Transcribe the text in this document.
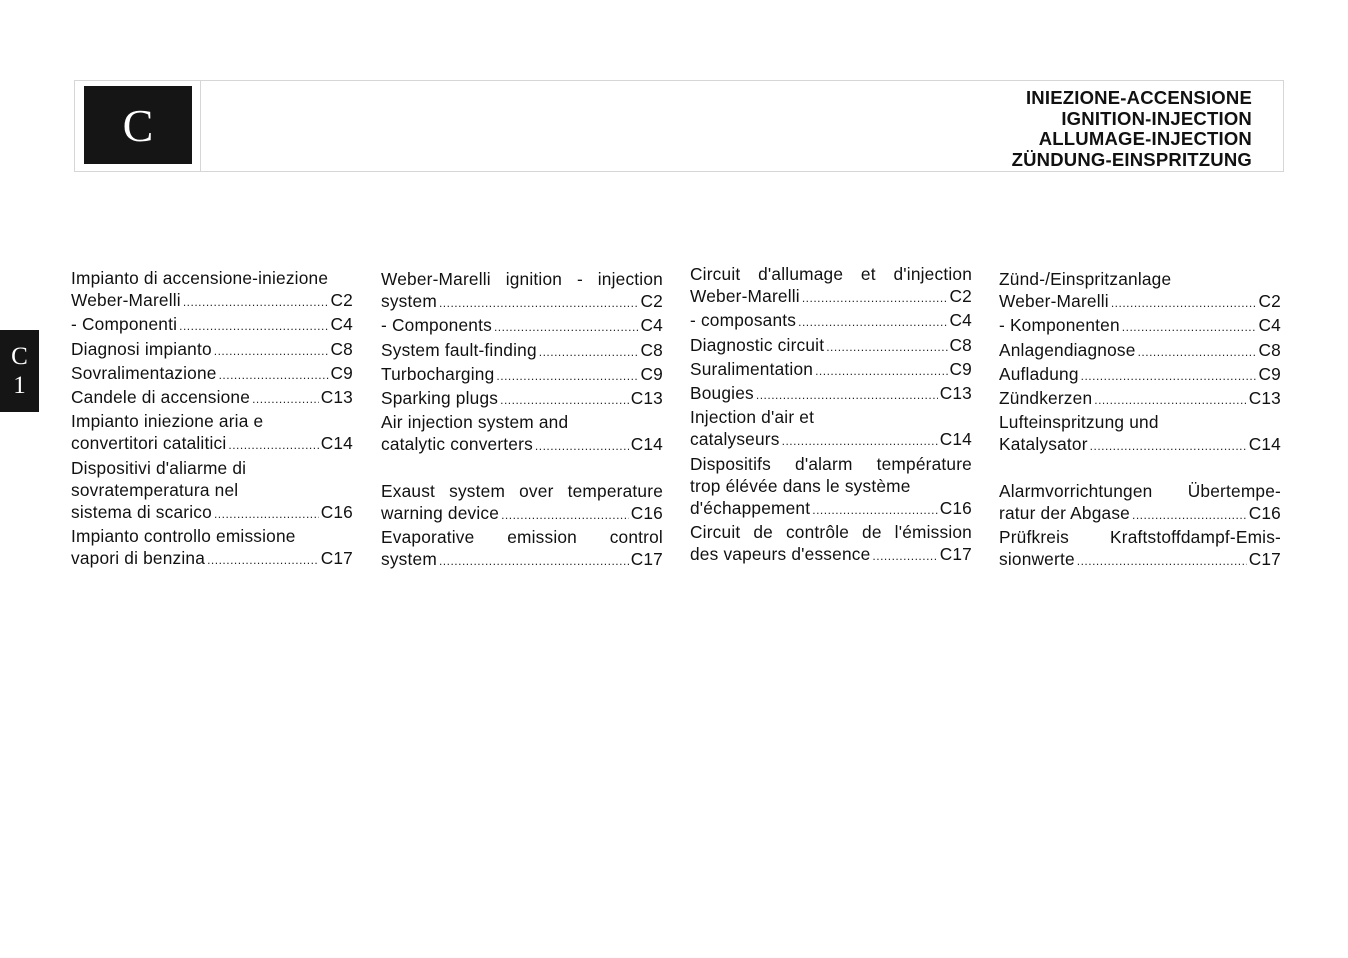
C
INIEZIONE-ACCENSIONE
IGNITION-INJECTION
ALLUMAGE-INJECTION
ZÜNDUNG-EINSPRITZUNG
C
1
Impianto di accensione-iniezione
Weber-Marelli .....	C2
- Componenti .....	C4
Diagnosi impianto .....	C8
Sovralimentazione .....	C9
Candele di accensione .....	C13
Impianto iniezione aria e
convertitori catalitici .....	C14
Dispositivi d'aliarme di
sovratemperatura nel
sistema di scarico .....	C16
Impianto controllo emissione
vapori di benzina .....	C17
Weber-Marelli ignition - injection
system .....	C2
- Components .....	C4
System fault-finding .....	C8
Turbocharging .....	C9
Sparking plugs .....	C13
Air injection system and
catalytic converters .....	C14
Exaust system over temperature
warning device .....	C16
Evaporative emission control
system .....	C17
Circuit d'allumage et d'injection
Weber-Marelli .....	C2
- composants .....	C4
Diagnostic circuit .....	C8
Suralimentation .....	C9
Bougies .....	C13
Injection d'air et
catalyseurs .....	C14
Dispositifs d'alarm température
trop élévée dans le système
d'échappement .....	C16
Circuit de contrôle de l'émission
des vapeurs d'essence .....	C17
Zünd-/Einspritzanlage
Weber-Marelli .....	C2
- Komponenten .....	C4
Anlagendiagnose .....	C8
Aufladung .....	C9
Zündkerzen .....	C13
Lufteinspritzung und
Katalysator .....	C14
Alarmvorrichtungen Übertempe-
ratur der Abgase .....	C16
Prüfkreis Kraftstoffdampf-Emis-
sionwerte .....	C17
